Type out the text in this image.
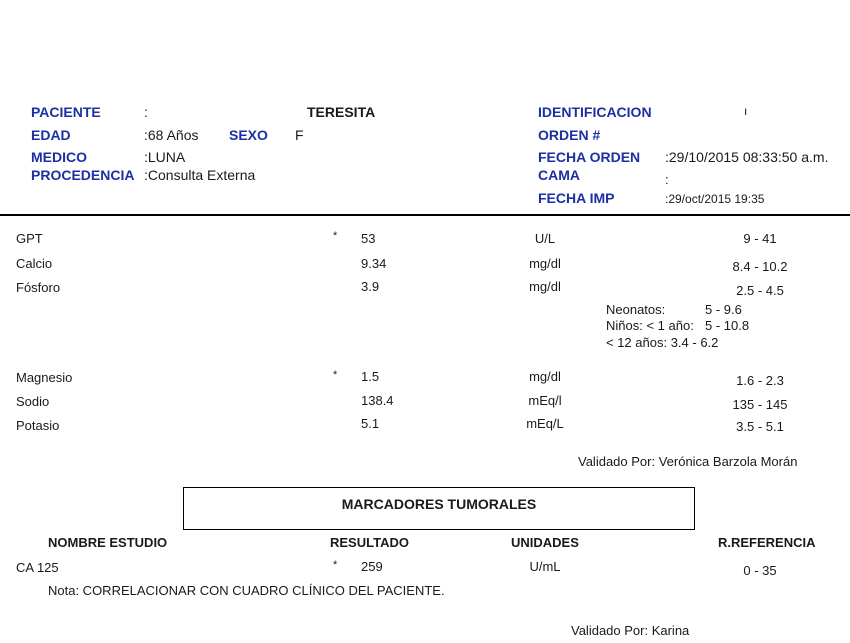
PACIENTE	:	TERESITA
EDAD	:68 Años SEXO F
MEDICO	:LUNA
PROCEDENCIA :Consulta Externa
IDENTIFICACION	ı
ORDEN #
FECHA ORDEN :29/10/2015 08:33:50 a.m.
CAMA	:
FECHA IMP	:29/oct/2015 19:35
GPT	* 53	U/L	9 - 41
Calcio	9.34	mg/dl	8.4 - 10.2
Fósforo	3.9	mg/dl	2.5 - 4.5
Neonatos:	5 - 9.6
Niños: < 1 año: 5 - 10.8
< 12 años: 3.4 - 6.2
Magnesio	* 1.5	mg/dl	1.6 - 2.3
Sodio	138.4	mEq/l	135 - 145
Potasio	5.1	mEq/L	3.5 - 5.1
Validado Por: Verónica Barzola Morán
MARCADORES TUMORALES
NOMBRE ESTUDIO	RESULTADO	UNIDADES	R.REFERENCIA
CA 125	* 259	U/mL	0 - 35
Nota: CORRELACIONAR CON CUADRO CLÍNICO DEL PACIENTE.
Validado Por: Karina
